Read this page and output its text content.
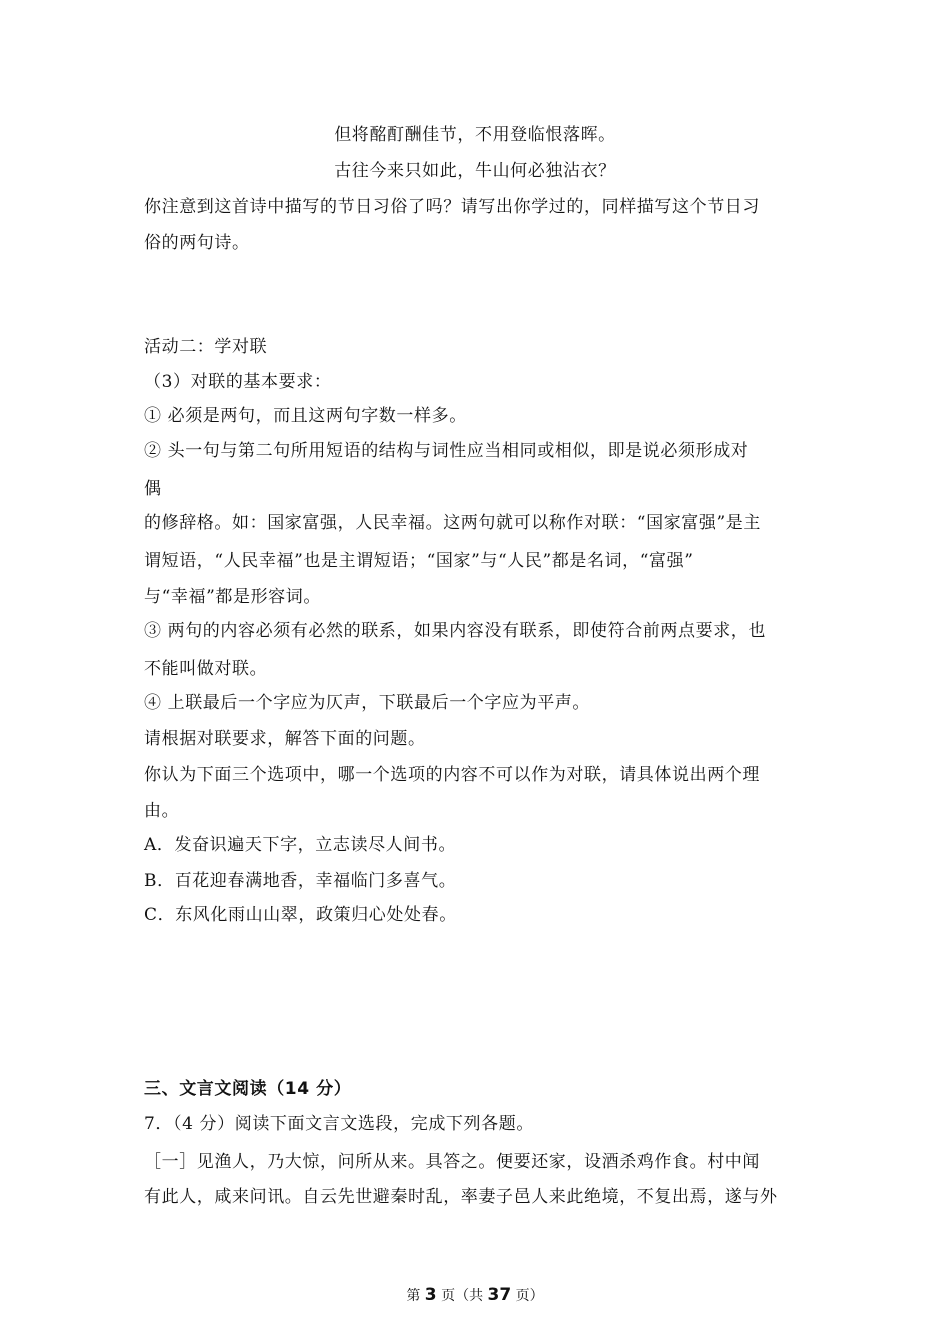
但将酩酊酬佳节，不用登临恨落晖。
古往今来只如此，牛山何必独沾衣？
你注意到这首诗中描写的节日习俗了吗？请写出你学过的，同样描写这个节日习
俗的两句诗。
活动二：学对联
（3）对联的基本要求：
① 必须是两句，而且这两句字数一样多。
② 头一句与第二句所用短语的结构与词性应当相同或相似，即是说必须形成对
偶
的修辞格。如：国家富强，人民幸福。这两句就可以称作对联：“国家富强”是主
谓短语，“人民幸福”也是主谓短语；“国家”与“人民”都是名词，“富强”
与“幸福”都是形容词。
③ 两句的内容必须有必然的联系，如果内容没有联系，即使符合前两点要求，也
不能叫做对联。
④ 上联最后一个字应为仄声，下联最后一个字应为平声。
请根据对联要求，解答下面的问题。
你认为下面三个选项中，哪一个选项的内容不可以作为对联，请具体说出两个理
由。
A．发奋识遍天下字，立志读尽人间书。
B．百花迎春满地香，幸福临门多喜气。
C．东风化雨山山翠，政策归心处处春。
三、文言文阅读（14 分）
7．（4 分）阅读下面文言文选段，完成下列各题。
［一］见渔人，乃大惊，问所从来。具答之。便要还家，设酒杀鸡作食。村中闻
有此人，咸来问讯。自云先世避秦时乱，率妻子邑人来此绝境，不复出焉，遂与外
第 3 页（共 37 页）
